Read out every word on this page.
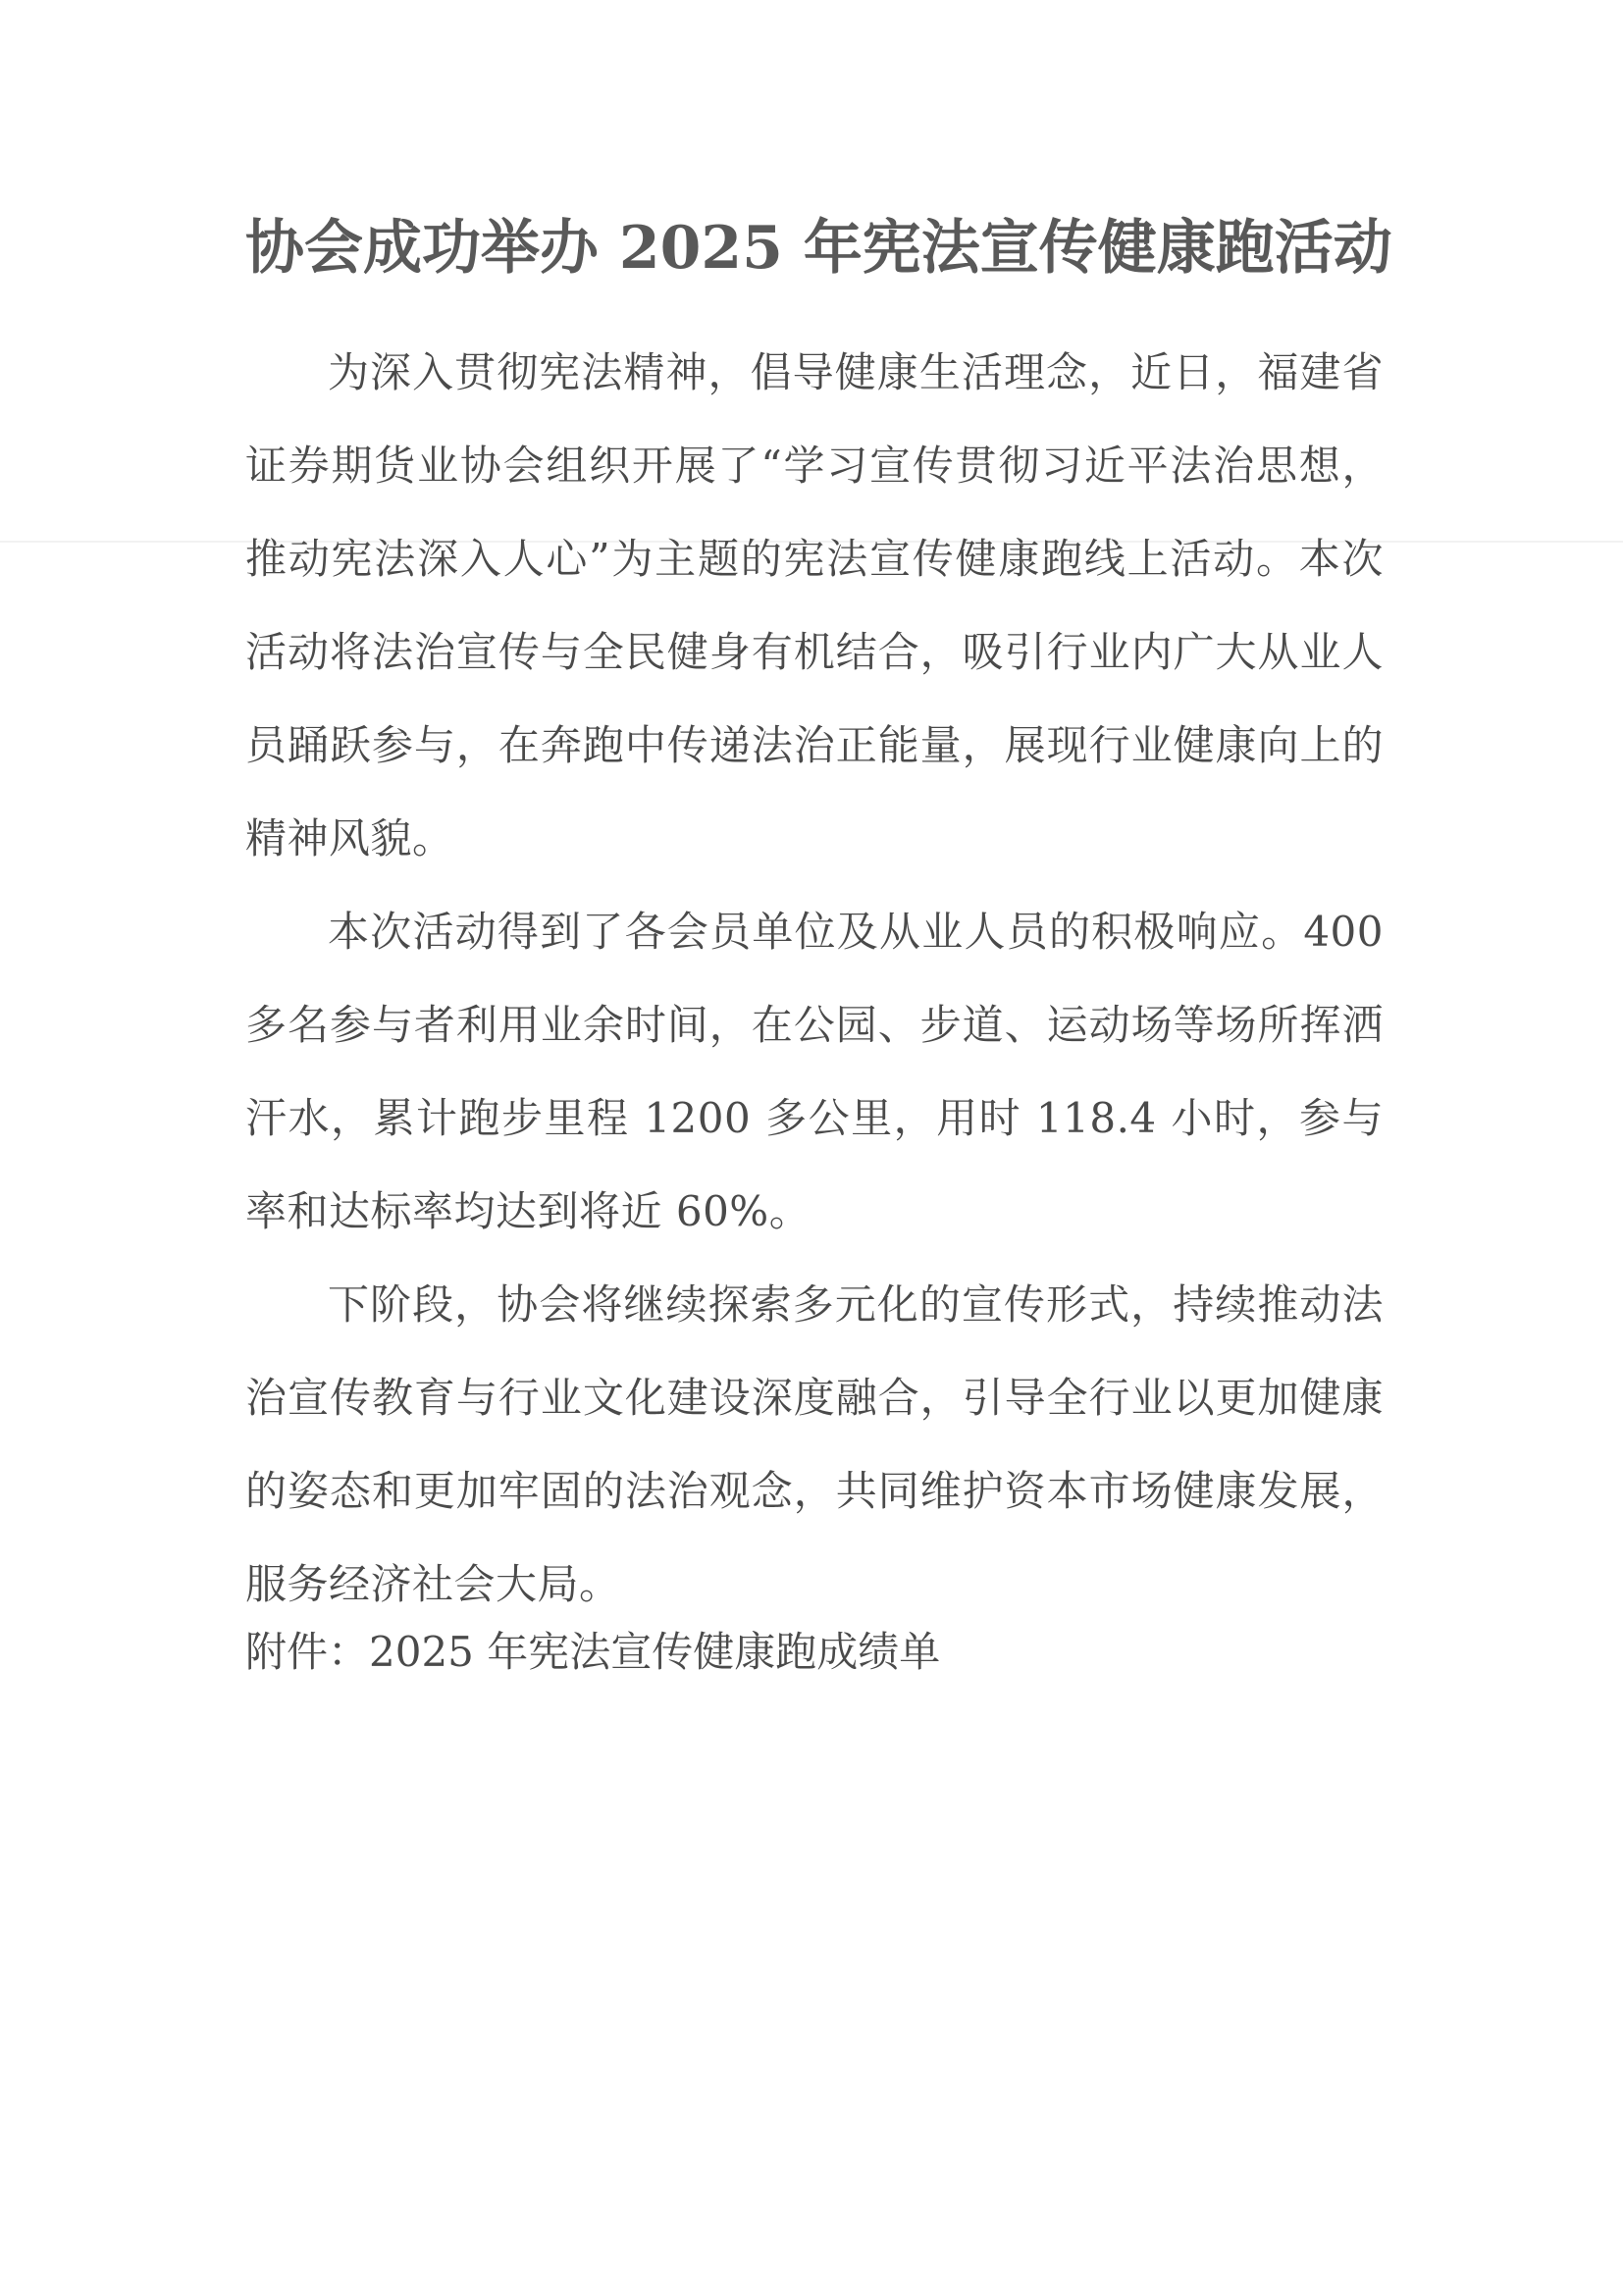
协会成功举办 2025 年宪法宣传健康跑活动

为深入贯彻宪法精神，倡导健康生活理念，近日，福建省证券期货业协会组织开展了“学习宣传贯彻习近平法治思想，推动宪法深入人心”为主题的宪法宣传健康跑线上活动。本次活动将法治宣传与全民健身有机结合，吸引行业内广大从业人员踊跃参与，在奔跑中传递法治正能量，展现行业健康向上的精神风貌。

本次活动得到了各会员单位及从业人员的积极响应。400 多名参与者利用业余时间，在公园、步道、运动场等场所挥洒汗水，累计跑步里程 1200 多公里，用时 118.4 小时，参与率和达标率均达到将近 60%。

下阶段，协会将继续探索多元化的宣传形式，持续推动法治宣传教育与行业文化建设深度融合，引导全行业以更加健康的姿态和更加牢固的法治观念，共同维护资本市场健康发展，服务经济社会大局。

附件：2025 年宪法宣传健康跑成绩单
